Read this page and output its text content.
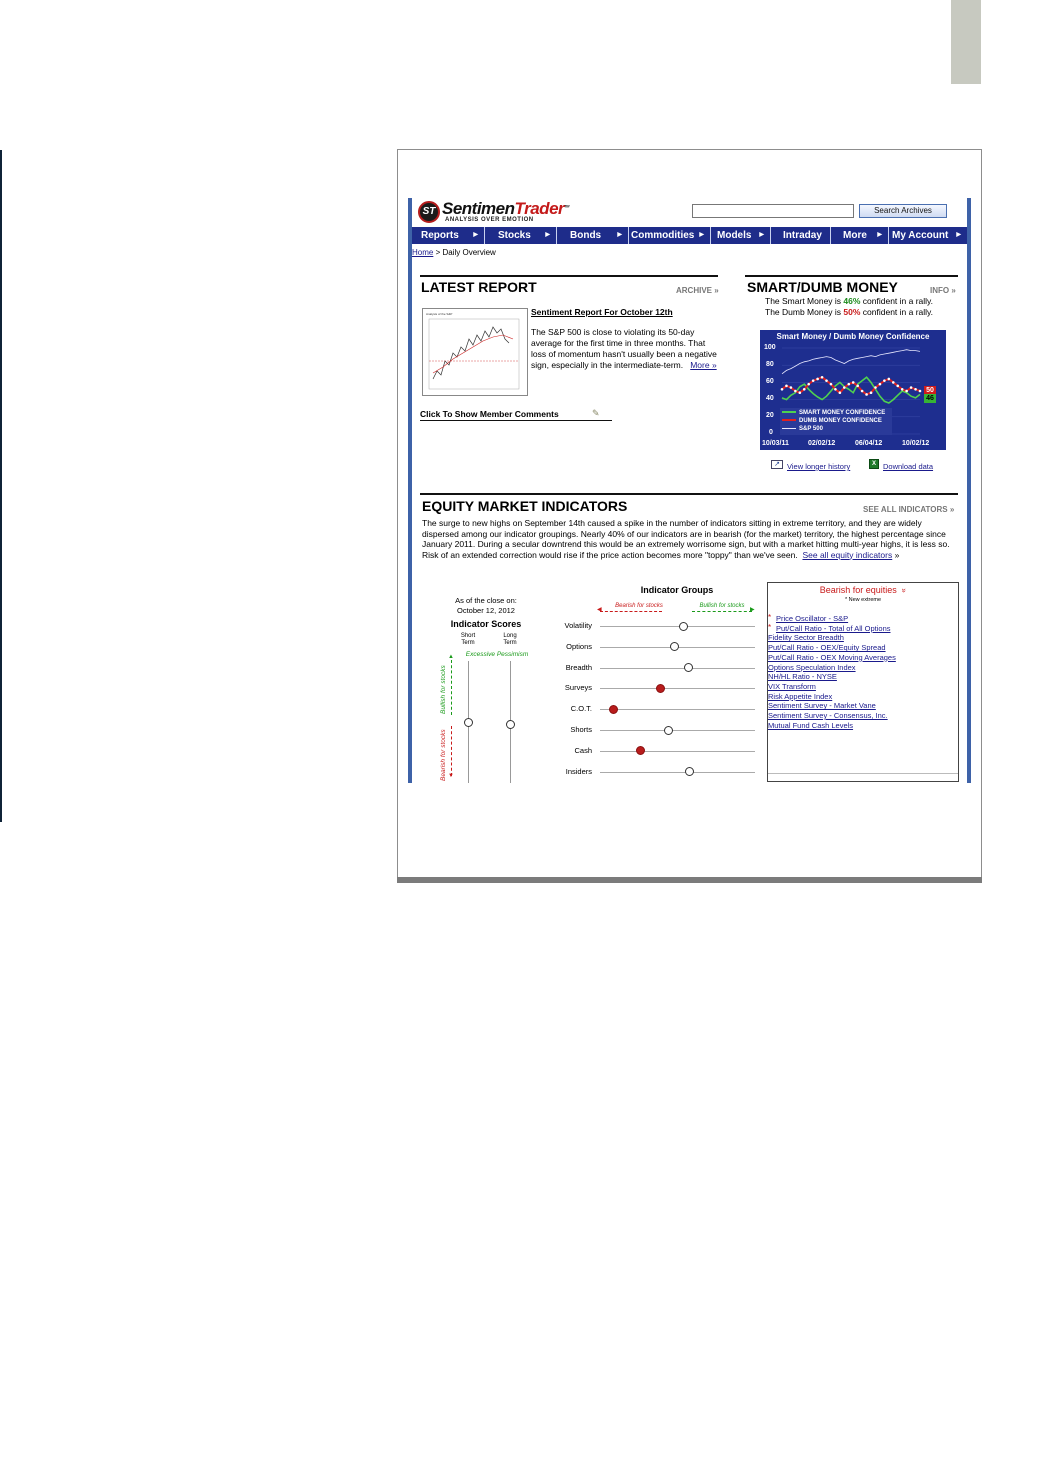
ST SentimenTrader™
ANALYSIS OVER EMOTION
Search Archives
Reports ▶	Stocks ▶	Bonds	▶ Commodities ▶	Models ▶	Intraday	More ▶	My Account ▶
Home > Daily Overview
LATEST REPORT	ARCHIVE »
Analysis of the S&P	Sentiment Report For October 12th
The S&P 500 is close to violating its 50-day average for the first time in three months. That loss of momentum hasn't usually been a negative sign, especially in the intermediate-term. More »
Click To Show Member Comments	✎
SMART/DUMB MONEY	INFO »
The Smart Money is 46% confident in a rally.
The Dumb Money is 50% confident in a rally.
Smart Money / Dumb Money Confidence
100
80
60
40
20
0
SMART MONEY CONFIDENCE
DUMB MONEY CONFIDENCE
S&P 500
50
46
10/03/11	02/02/12	06/04/12	10/02/12
↗ View longer history	X Download data
EQUITY MARKET INDICATORS	SEE ALL INDICATORS »
The surge to new highs on September 14th caused a spike in the number of indicators sitting in extreme territory, and they are widely dispersed among our indicator groupings. Nearly 40% of our indicators are in bearish (for the market) territory, the highest percentage since January 2011. During a secular downtrend this would be an extremely worrisome sign, but with a market hitting multi-year highs, it is less so. Risk of an extended correction would rise if the price action becomes more "toppy" than we've seen. See all equity indicators »
As of the close on:
October 12, 2012
Indicator Scores
Short Term
Long Term
Excessive Pessimism
▲
Bullish for stocks
▼
Bearish for stocks
Indicator Groups
◀
Bearish for stocks
▶
Bullish for stocks
Volatility
Options
Breadth
Surveys
C.O.T.
Shorts
Cash
Insiders
Bearish for equities »
* New extreme
* Price Oscillator - S&P
* Put/Call Ratio - Total of All Options
Fidelity Sector Breadth
Put/Call Ratio - OEX/Equity Spread
Put/Call Ratio - OEX Moving Averages
Options Speculation Index
NH/HL Ratio - NYSE
VIX Transform
Risk Appetite Index
Sentiment Survey - Market Vane
Sentiment Survey - Consensus, Inc.
Mutual Fund Cash Levels
